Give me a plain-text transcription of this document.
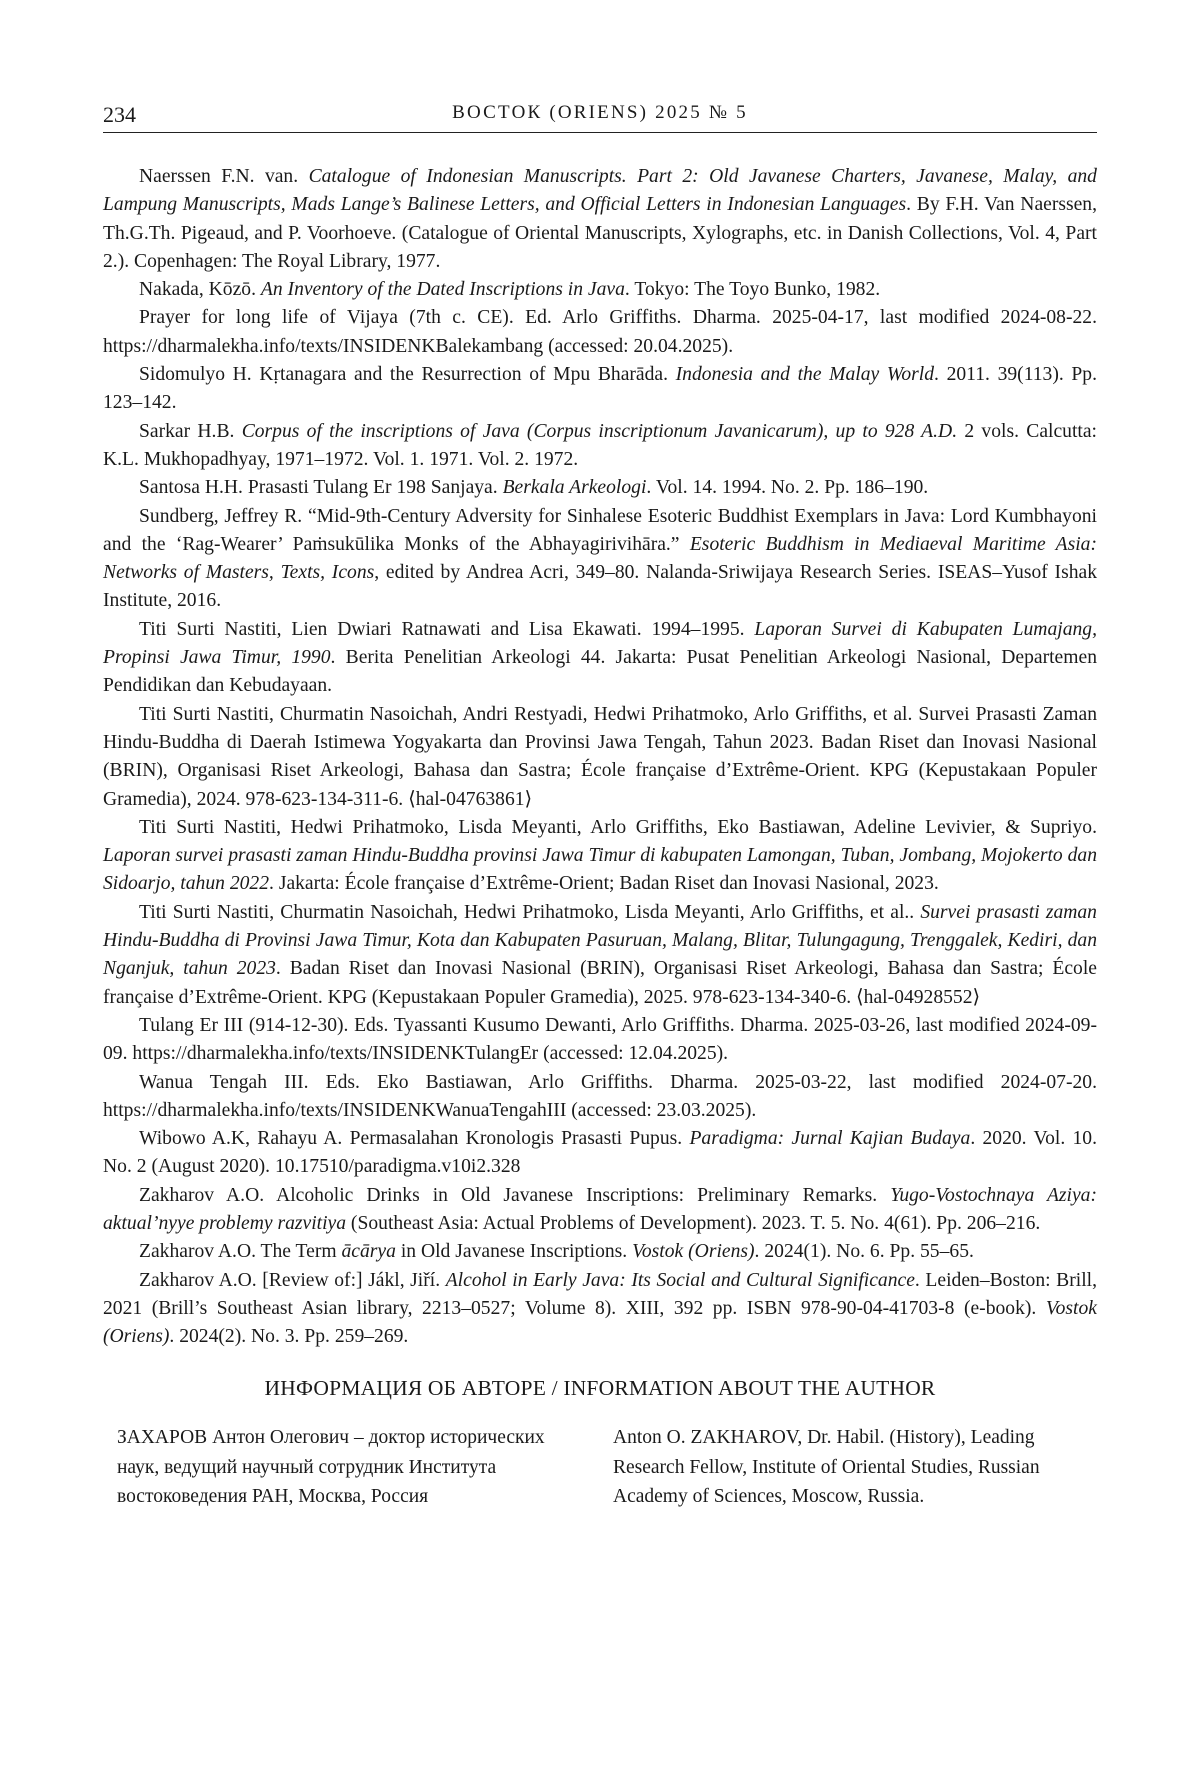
234	ВОСТОК (ORIENS) 2025 № 5

Naerssen F.N. van. Catalogue of Indonesian Manuscripts. Part 2: Old Javanese Charters, Javanese, Malay, and Lampung Manuscripts, Mads Lange’s Balinese Letters, and Official Letters in Indonesian Languages. By F.H. Van Naerssen, Th.G.Th. Pigeaud, and P. Voorhoeve. (Catalogue of Oriental Manuscripts, Xylographs, etc. in Danish Collections, Vol. 4, Part 2.). Copenhagen: The Royal Library, 1977.

Nakada, Kōzō. An Inventory of the Dated Inscriptions in Java. Tokyo: The Toyo Bunko, 1982.

Prayer for long life of Vijaya (7th c. CE). Ed. Arlo Griffiths. Dharma. 2025-04-17, last modified 2024-08-22. https://dharmalekha.info/texts/INSIDENKBalekambang (accessed: 20.04.2025).

Sidomulyo H. Kṛtanagara and the Resurrection of Mpu Bharāda. Indonesia and the Malay World. 2011. 39(113). Pp. 123–142.

Sarkar H.B. Corpus of the inscriptions of Java (Corpus inscriptionum Javanicarum), up to 928 A.D. 2 vols. Calcutta: K.L. Mukhopadhyay, 1971–1972. Vol. 1. 1971. Vol. 2. 1972.

Santosa H.H. Prasasti Tulang Er 198 Sanjaya. Berkala Arkeologi. Vol. 14. 1994. No. 2. Pp. 186–190.

Sundberg, Jeffrey R. “Mid-9th-Century Adversity for Sinhalese Esoteric Buddhist Exemplars in Java: Lord Kumbhayoni and the ‘Rag-Wearer’ Paṁsukūlika Monks of the Abhayagirivihāra.” Esoteric Buddhism in Mediaeval Maritime Asia: Networks of Masters, Texts, Icons, edited by Andrea Acri, 349–80. Nalanda-Sriwijaya Research Series. ISEAS–Yusof Ishak Institute, 2016.

Titi Surti Nastiti, Lien Dwiari Ratnawati and Lisa Ekawati. 1994–1995. Laporan Survei di Kabupaten Lumajang, Propinsi Jawa Timur, 1990. Berita Penelitian Arkeologi 44. Jakarta: Pusat Penelitian Arkeologi Nasional, Departemen Pendidikan dan Kebudayaan.

Titi Surti Nastiti, Churmatin Nasoichah, Andri Restyadi, Hedwi Prihatmoko, Arlo Griffiths, et al. Survei Prasasti Zaman Hindu-Buddha di Daerah Istimewa Yogyakarta dan Provinsi Jawa Tengah, Tahun 2023. Badan Riset dan Inovasi Nasional (BRIN), Organisasi Riset Arkeologi, Bahasa dan Sastra; École française d’Extrême-Orient. KPG (Kepustakaan Populer Gramedia), 2024. 978-623-134-311-6. ⟨hal-04763861⟩

Titi Surti Nastiti, Hedwi Prihatmoko, Lisda Meyanti, Arlo Griffiths, Eko Bastiawan, Adeline Levivier, & Supriyo. Laporan survei prasasti zaman Hindu-Buddha provinsi Jawa Timur di kabupaten Lamongan, Tuban, Jombang, Mojokerto dan Sidoarjo, tahun 2022. Jakarta: École française d’Extrême-Orient; Badan Riset dan Inovasi Nasional, 2023.

Titi Surti Nastiti, Churmatin Nasoichah, Hedwi Prihatmoko, Lisda Meyanti, Arlo Griffiths, et al.. Survei prasasti zaman Hindu-Buddha di Provinsi Jawa Timur, Kota dan Kabupaten Pasuruan, Malang, Blitar, Tulungagung, Trenggalek, Kediri, dan Nganjuk, tahun 2023. Badan Riset dan Inovasi Nasional (BRIN), Organisasi Riset Arkeologi, Bahasa dan Sastra; École française d’Extrême-Orient. KPG (Kepustakaan Populer Gramedia), 2025. 978-623-134-340-6. ⟨hal-04928552⟩

Tulang Er III (914-12-30). Eds. Tyassanti Kusumo Dewanti, Arlo Griffiths. Dharma. 2025-03-26, last modified 2024-09-09. https://dharmalekha.info/texts/INSIDENKTulangEr (accessed: 12.04.2025).

Wanua Tengah III. Eds. Eko Bastiawan, Arlo Griffiths. Dharma. 2025-03-22, last modified 2024-07-20. https://dharmalekha.info/texts/INSIDENKWanuaTengahIII (accessed: 23.03.2025).

Wibowo A.K, Rahayu A. Permasalahan Kronologis Prasasti Pupus. Paradigma: Jurnal Kajian Budaya. 2020. Vol. 10. No. 2 (August 2020). 10.17510/paradigma.v10i2.328

Zakharov A.O. Alcoholic Drinks in Old Javanese Inscriptions: Preliminary Remarks. Yugo-Vostochnaya Aziya: aktual’nyye problemy razvitiya (Southeast Asia: Actual Problems of Development). 2023. T. 5. No. 4(61). Pp. 206–216.

Zakharov A.O. The Term ācārya in Old Javanese Inscriptions. Vostok (Oriens). 2024(1). No. 6. Pp. 55–65.

Zakharov A.O. [Review of:] Jákl, Jiří. Alcohol in Early Java: Its Social and Cultural Significance. Leiden–Boston: Brill, 2021 (Brill’s Southeast Asian library, 2213–0527; Volume 8). XIII, 392 pp. ISBN 978-90-04-41703-8 (e-book). Vostok (Oriens). 2024(2). No. 3. Pp. 259–269.

ИНФОРМАЦИЯ ОБ АВТОРЕ / INFORMATION ABOUT THE AUTHOR
ЗАХАРОВ Антон Олегович – доктор исторических наук, ведущий научный сотрудник Института востоковедения РАН, Москва, Россия
Anton O. ZAKHAROV, Dr. Habil. (History), Leading Research Fellow, Institute of Oriental Studies, Russian Academy of Sciences, Moscow, Russia.
